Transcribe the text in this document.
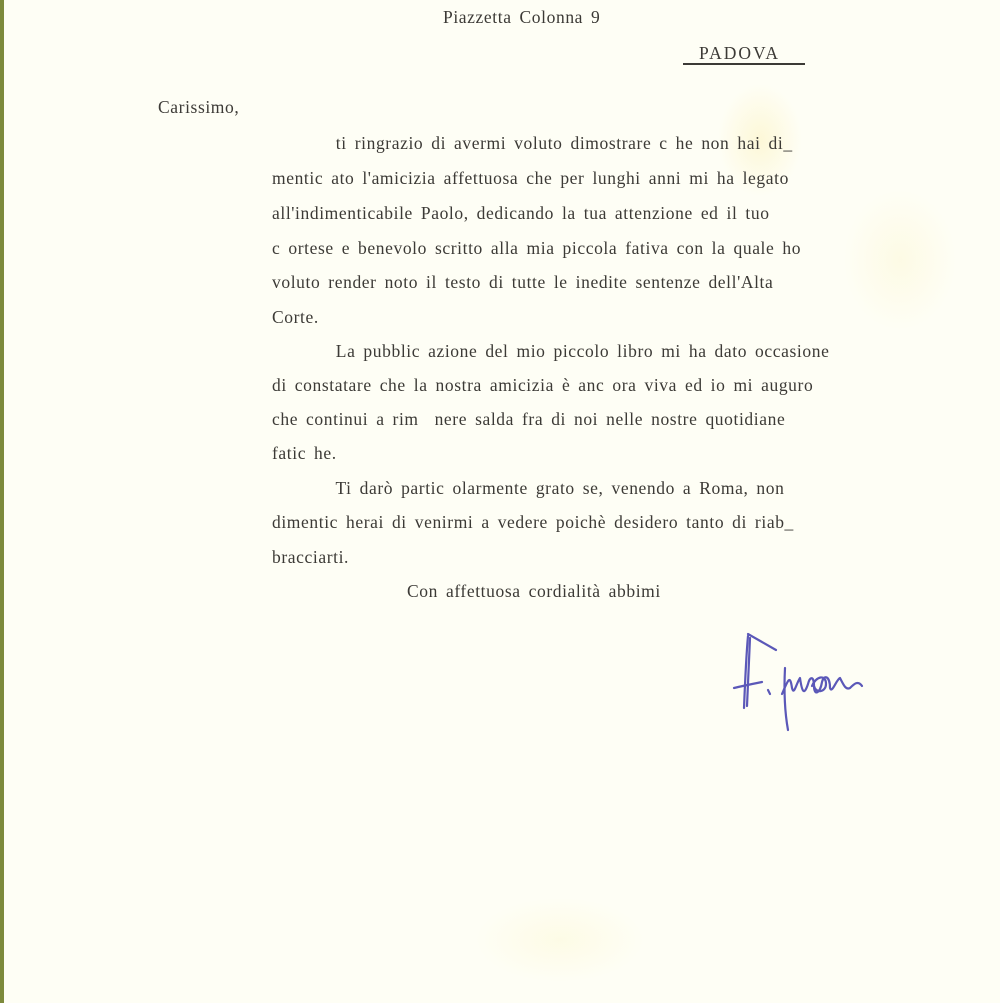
Piazzetta Colonna 9
PADOVA
Carissimo,
ti ringrazio di avermi voluto dimostrare c he non hai di_
mentic ato l'amicizia affettuosa che per lunghi anni mi ha legato
all'indimenticabile Paolo, dedicando la tua attenzione ed il tuo
c ortese e benevolo scritto alla mia piccola fativa con la quale ho
voluto render noto il testo di tutte le inedite sentenze dell'Alta
Corte.
La pubblic azione del mio piccolo libro mi ha dato occasione
di constatare che la nostra amicizia è anc ora viva ed io mi auguro
che continui a rim  nere salda fra di noi nelle nostre quotidiane
fatic he.
Ti darò partic olarmente grato se, venendo a Roma, non
dimentic herai di venirmi a vedere poichè desidero tanto di riab_
bracciarti.
Con affettuosa cordialità abbimi
